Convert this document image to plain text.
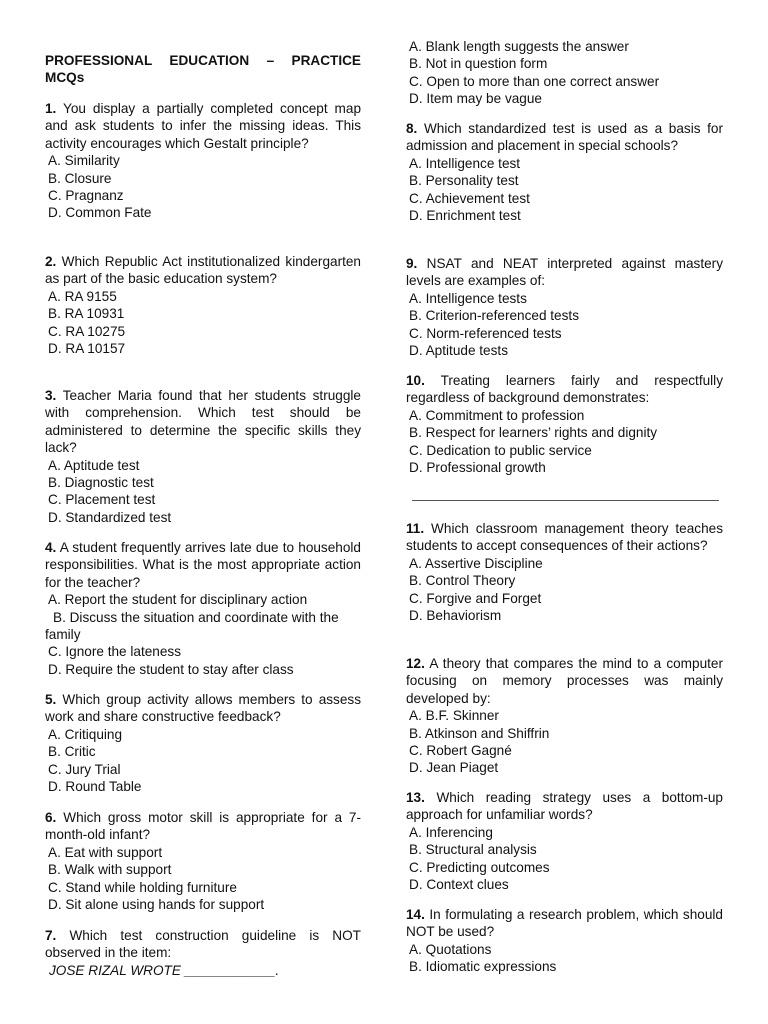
PROFESSIONAL EDUCATION – PRACTICE MCQs
1. You display a partially completed concept map and ask students to infer the missing ideas. This activity encourages which Gestalt principle?
A. Similarity
B. Closure
C. Pragnanz
D. Common Fate
2. Which Republic Act institutionalized kindergarten as part of the basic education system?
A. RA 9155
B. RA 10931
C. RA 10275
D. RA 10157
3. Teacher Maria found that her students struggle with comprehension. Which test should be administered to determine the specific skills they lack?
A. Aptitude test
B. Diagnostic test
C. Placement test
D. Standardized test
4. A student frequently arrives late due to household responsibilities. What is the most appropriate action for the teacher?
A. Report the student for disciplinary action
B. Discuss the situation and coordinate with the family
C. Ignore the lateness
D. Require the student to stay after class
5. Which group activity allows members to assess work and share constructive feedback?
A. Critiquing
B. Critic
C. Jury Trial
D. Round Table
6. Which gross motor skill is appropriate for a 7-month-old infant?
A. Eat with support
B. Walk with support
C. Stand while holding furniture
D. Sit alone using hands for support
7. Which test construction guideline is NOT observed in the item:
JOSE RIZAL WROTE ____________.
A. Blank length suggests the answer
B. Not in question form
C. Open to more than one correct answer
D. Item may be vague
8. Which standardized test is used as a basis for admission and placement in special schools?
A. Intelligence test
B. Personality test
C. Achievement test
D. Enrichment test
9. NSAT and NEAT interpreted against mastery levels are examples of:
A. Intelligence tests
B. Criterion-referenced tests
C. Norm-referenced tests
D. Aptitude tests
10. Treating learners fairly and respectfully regardless of background demonstrates:
A. Commitment to profession
B. Respect for learners’ rights and dignity
C. Dedication to public service
D. Professional growth
11. Which classroom management theory teaches students to accept consequences of their actions?
A. Assertive Discipline
B. Control Theory
C. Forgive and Forget
D. Behaviorism
12. A theory that compares the mind to a computer focusing on memory processes was mainly developed by:
A. B.F. Skinner
B. Atkinson and Shiffrin
C. Robert Gagné
D. Jean Piaget
13. Which reading strategy uses a bottom-up approach for unfamiliar words?
A. Inferencing
B. Structural analysis
C. Predicting outcomes
D. Context clues
14. In formulating a research problem, which should NOT be used?
A. Quotations
B. Idiomatic expressions
